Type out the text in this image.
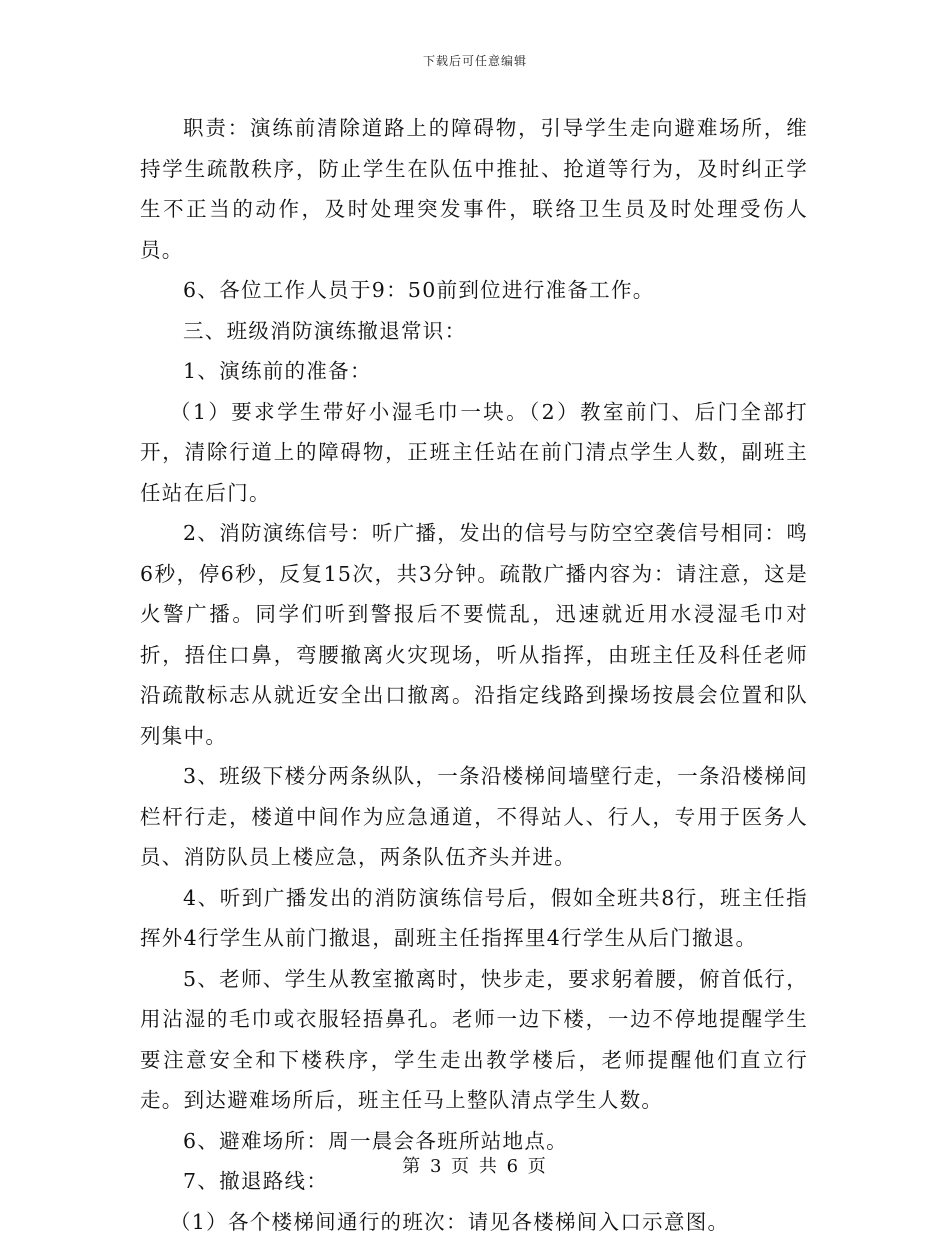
下载后可任意编辑

职责：演练前清除道路上的障碍物，引导学生走向避难场所，维持学生疏散秩序，防止学生在队伍中推扯、抢道等行为，及时纠正学生不正当的动作，及时处理突发事件，联络卫生员及时处理受伤人员。

6、各位工作人员于9：50前到位进行准备工作。

三、班级消防演练撤退常识：

1、演练前的准备：

（1）要求学生带好小湿毛巾一块。（2）教室前门、后门全部打开，清除行道上的障碍物，正班主任站在前门清点学生人数，副班主任站在后门。

2、消防演练信号：听广播，发出的信号与防空空袭信号相同：鸣6秒，停6秒，反复15次，共3分钟。疏散广播内容为：请注意，这是火警广播。同学们听到警报后不要慌乱，迅速就近用水浸湿毛巾对折，捂住口鼻，弯腰撤离火灾现场，听从指挥，由班主任及科任老师沿疏散标志从就近安全出口撤离。沿指定线路到操场按晨会位置和队列集中。

3、班级下楼分两条纵队，一条沿楼梯间墙壁行走，一条沿楼梯间栏杆行走，楼道中间作为应急通道，不得站人、行人，专用于医务人员、消防队员上楼应急，两条队伍齐头并进。

4、听到广播发出的消防演练信号后，假如全班共8行，班主任指挥外4行学生从前门撤退，副班主任指挥里4行学生从后门撤退。

5、老师、学生从教室撤离时，快步走，要求躬着腰，俯首低行，用沾湿的毛巾或衣服轻捂鼻孔。老师一边下楼，一边不停地提醒学生要注意安全和下楼秩序，学生走出教学楼后，老师提醒他们直立行走。到达避难场所后，班主任马上整队清点学生人数。

6、避难场所：周一晨会各班所站地点。

7、撤退路线：

（1）各个楼梯间通行的班次：请见各楼梯间入口示意图。

第 3 页 共 6 页
